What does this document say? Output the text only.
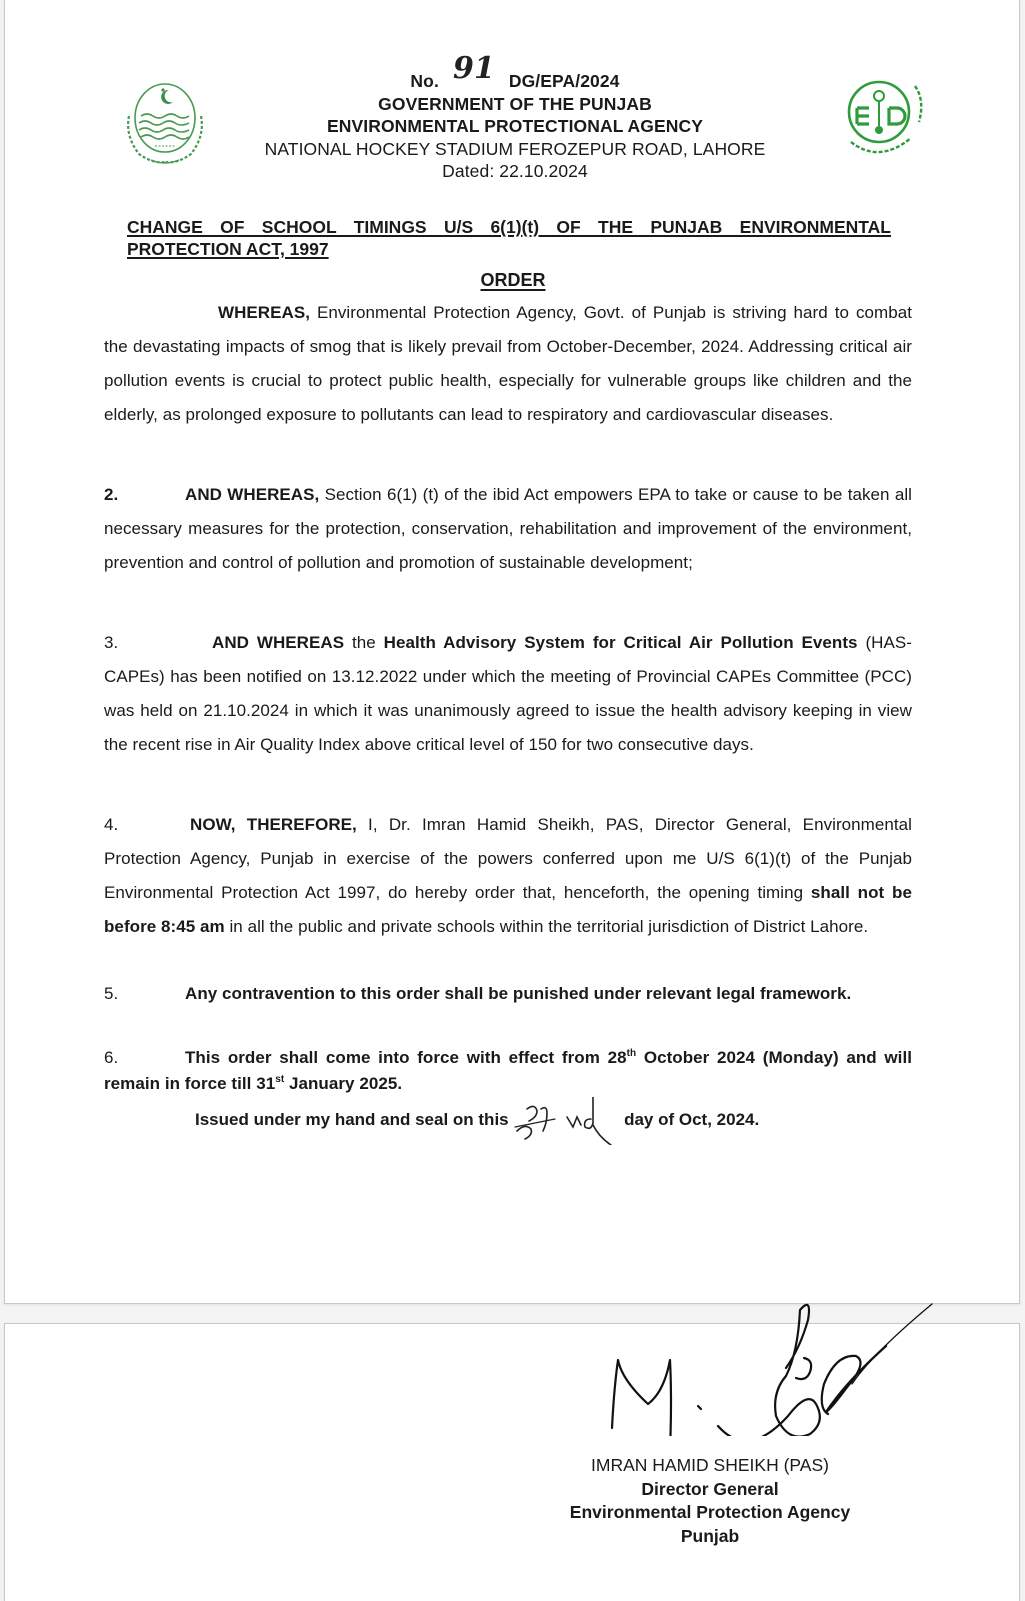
No.	DG/EPA/2024
91
GOVERNMENT OF THE PUNJAB
ENVIRONMENTAL PROTECTIONAL AGENCY
NATIONAL HOCKEY STADIUM FEROZEPUR ROAD, LAHORE
Dated: 22.10.2024
CHANGE OF SCHOOL TIMINGS U/S 6(1)(t) OF THE PUNJAB ENVIRONMENTAL PROTECTION ACT, 1997
ORDER
WHEREAS, Environmental Protection Agency, Govt. of Punjab is striving hard to combat the devastating impacts of smog that is likely prevail from October-December, 2024. Addressing critical air pollution events is crucial to protect public health, especially for vulnerable groups like children and the elderly, as prolonged exposure to pollutants can lead to respiratory and cardiovascular diseases.
2.	AND WHEREAS, Section 6(1) (t) of the ibid Act empowers EPA to take or cause to be taken all necessary measures for the protection, conservation, rehabilitation and improvement of the environment, prevention and control of pollution and promotion of sustainable development;
3.	AND WHEREAS the Health Advisory System for Critical Air Pollution Events (HAS-CAPEs) has been notified on 13.12.2022 under which the meeting of Provincial CAPEs Committee (PCC) was held on 21.10.2024 in which it was unanimously agreed to issue the health advisory keeping in view the recent rise in Air Quality Index above critical level of 150 for two consecutive days.
4.	NOW, THEREFORE, I, Dr. Imran Hamid Sheikh, PAS, Director General, Environmental Protection Agency, Punjab in exercise of the powers conferred upon me U/S 6(1)(t) of the Punjab Environmental Protection Act 1997, do hereby order that, henceforth, the opening timing shall not be before 8:45 am in all the public and private schools within the territorial jurisdiction of District Lahore.
5.	Any contravention to this order shall be punished under relevant legal framework.
6.	This order shall come into force with effect from 28th October 2024 (Monday) and will remain in force till 31st January 2025.
Issued under my hand and seal on this	day of Oct, 2024.
IMRAN HAMID SHEIKH (PAS)
Director General
Environmental Protection Agency
Punjab
